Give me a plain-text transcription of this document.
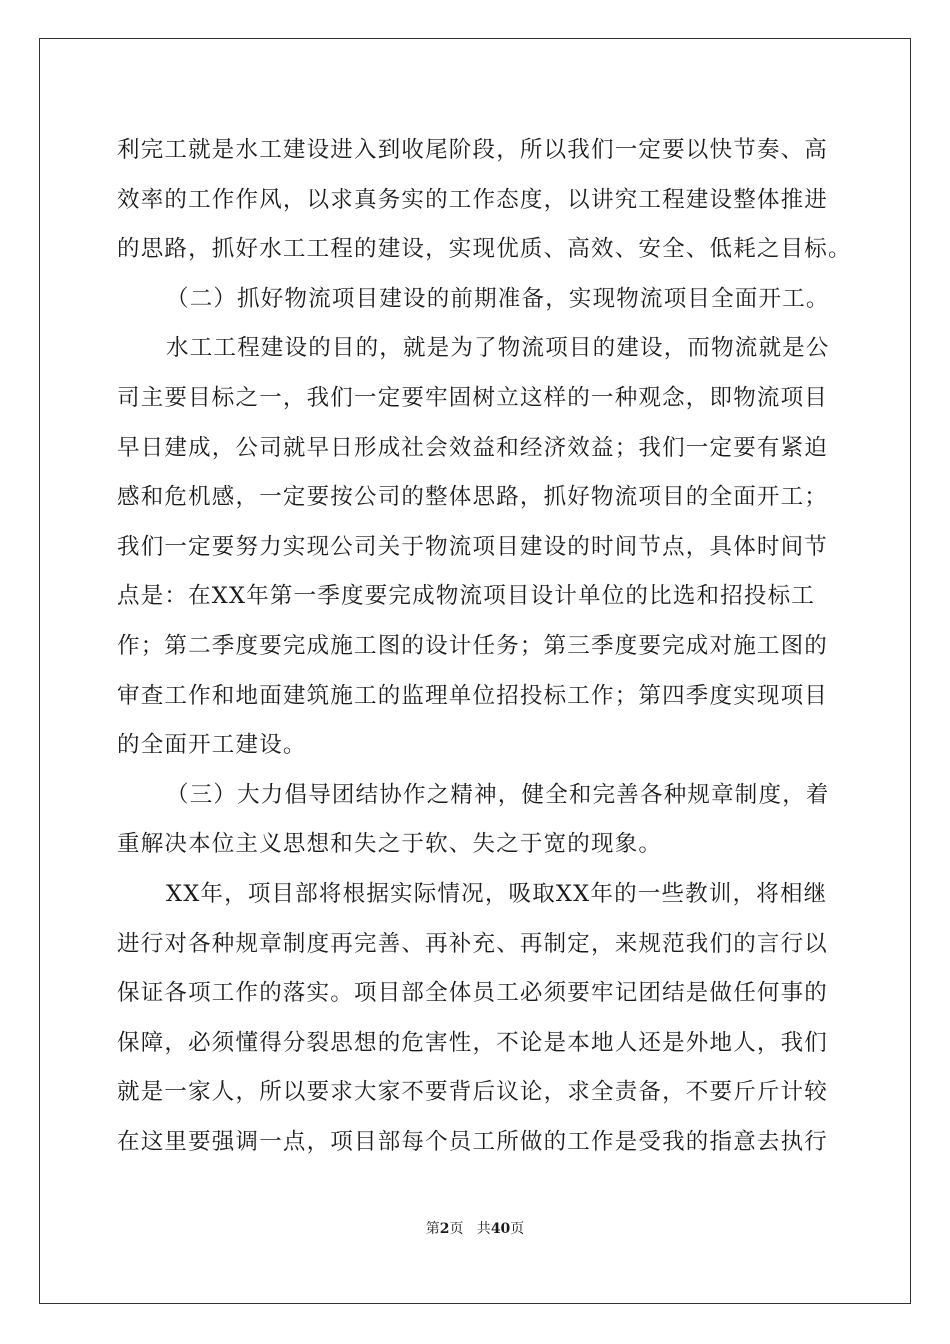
利完工就是水工建设进入到收尾阶段，所以我们一定要以快节奏、高
效率的工作作风，以求真务实的工作态度，以讲究工程建设整体推进
的思路，抓好水工工程的建设，实现优质、高效、安全、低耗之目标。
（二）抓好物流项目建设的前期准备，实现物流项目全面开工。
水工工程建设的目的，就是为了物流项目的建设，而物流就是公
司主要目标之一，我们一定要牢固树立这样的一种观念，即物流项目
早日建成，公司就早日形成社会效益和经济效益；我们一定要有紧迫
感和危机感，一定要按公司的整体思路，抓好物流项目的全面开工；
我们一定要努力实现公司关于物流项目建设的时间节点，具体时间节
点是：在XX年第一季度要完成物流项目设计单位的比选和招投标工
作；第二季度要完成施工图的设计任务；第三季度要完成对施工图的
审查工作和地面建筑施工的监理单位招投标工作；第四季度实现项目
的全面开工建设。
（三）大力倡导团结协作之精神，健全和完善各种规章制度，着
重解决本位主义思想和失之于软、失之于宽的现象。
XX年，项目部将根据实际情况，吸取XX年的一些教训，将相继
进行对各种规章制度再完善、再补充、再制定，来规范我们的言行以
保证各项工作的落实。项目部全体员工必须要牢记团结是做任何事的
保障，必须懂得分裂思想的危害性，不论是本地人还是外地人，我们
就是一家人，所以要求大家不要背后议论，求全责备，不要斤斤计较
在这里要强调一点，项目部每个员工所做的工作是受我的指意去执行
第2页   共40页
